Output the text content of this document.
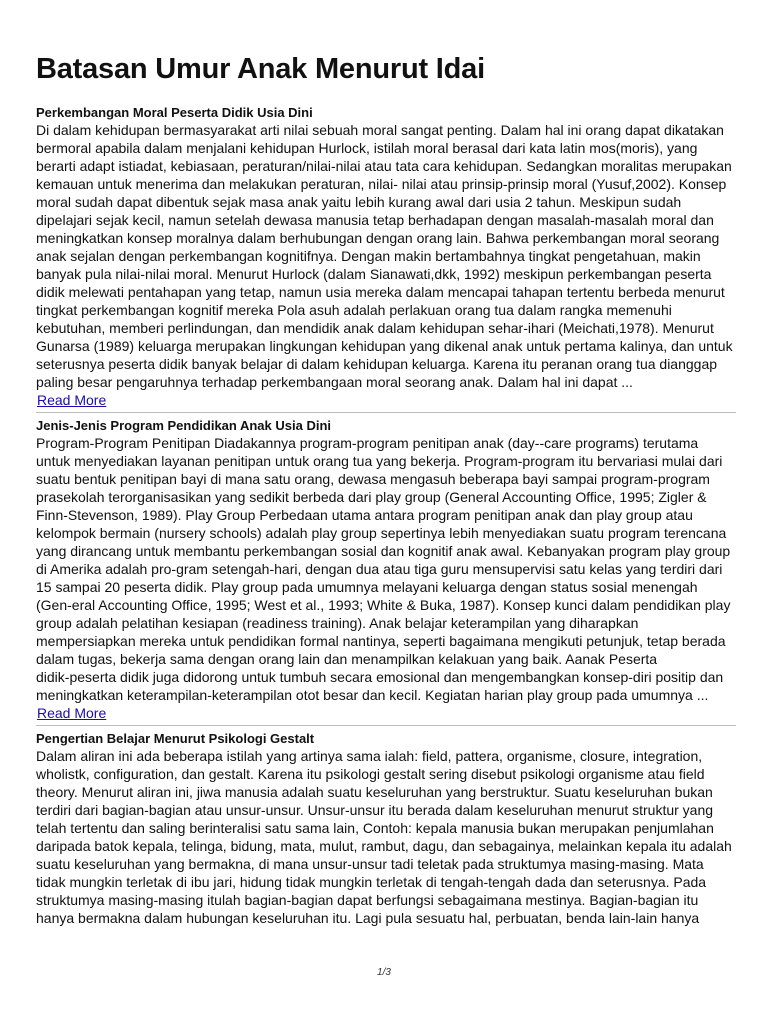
Batasan Umur Anak Menurut Idai
Perkembangan Moral Peserta Didik Usia Dini

Di dalam kehidupan bermasyarakat arti nilai sebuah moral sangat penting. Dalam hal ini orang dapat dikatakan
bermoral apabila dalam menjalani kehidupan Hurlock, istilah moral berasal dari kata latin mos(moris), yang
berarti adapt istiadat, kebiasaan, peraturan/nilai-nilai atau tata cara kehidupan. Sedangkan moralitas merupakan
kemauan untuk menerima dan melakukan peraturan, nilai- nilai atau prinsip-prinsip moral (Yusuf,2002). Konsep
moral sudah dapat dibentuk sejak masa anak yaitu lebih kurang awal dari usia 2 tahun. Meskipun sudah
dipelajari sejak kecil, namun setelah dewasa manusia tetap berhadapan dengan masalah-masalah moral dan
meningkatkan konsep moralnya dalam berhubungan dengan orang lain. Bahwa perkembangan moral seorang
anak sejalan dengan perkembangan kognitifnya. Dengan makin bertambahnya tingkat pengetahuan, makin
banyak pula nilai-nilai moral. Menurut Hurlock (dalam Sianawati,dkk, 1992) meskipun perkembangan peserta
didik melewati pentahapan yang tetap, namun usia mereka dalam mencapai tahapan tertentu berbeda menurut
tingkat perkembangan kognitif mereka Pola asuh adalah perlakuan orang tua dalam rangka memenuhi
kebutuhan, memberi perlindungan, dan mendidik anak dalam kehidupan sehar-ihari (Meichati,1978). Menurut
Gunarsa (1989) keluarga merupakan lingkungan kehidupan yang dikenal anak untuk pertama kalinya, dan untuk
seterusnya peserta didik banyak belajar di dalam kehidupan keluarga. Karena itu peranan orang tua dianggap
paling besar pengaruhnya terhadap perkembangaan moral seorang anak. Dalam hal ini dapat ...

Read More
Jenis-Jenis Program Pendidikan Anak Usia Dini

Program-Program Penitipan Diadakannya program-program penitipan anak (day--care programs) terutama
untuk menyediakan layanan penitipan untuk orang tua yang bekerja. Program-program itu bervariasi mulai dari
suatu bentuk penitipan bayi di mana satu orang, dewasa mengasuh beberapa bayi sampai program-program
prasekolah terorganisasikan yang sedikit berbeda dari play group (General Accounting Office, 1995; Zigler &
Finn-Stevenson, 1989). Play Group Perbedaan utama antara program penitipan anak dan play group atau
kelompok bermain (nursery schools) adalah play group sepertinya lebih menyediakan suatu program terencana
yang dirancang untuk membantu perkembangan sosial dan kognitif anak awal. Kebanyakan program play group
di Amerika adalah pro-gram setengah-hari, dengan dua atau tiga guru mensupervisi satu kelas yang terdiri dari
15 sampai 20 peserta didik. Play group pada umumnya melayani keluarga dengan status sosial menengah
(Gen-eral Accounting Office, 1995; West et al., 1993; White & Buka, 1987). Konsep kunci dalam pendidikan play
group adalah pelatihan kesiapan (readiness training). Anak belajar keterampilan yang diharapkan
mempersiapkan mereka untuk pendidikan formal nantinya, seperti bagaimana mengikuti petunjuk, tetap berada
dalam tugas, bekerja sama dengan orang lain dan menampilkan kelakuan yang baik. Aanak Peserta
didik-peserta didik juga didorong untuk tumbuh secara emosional dan mengembangkan konsep-diri positip dan
meningkatkan keterampilan-keterampilan otot besar dan kecil. Kegiatan harian play group pada umumnya ...

Read More
Pengertian Belajar Menurut Psikologi Gestalt

Dalam aliran ini ada beberapa istilah yang artinya sama ialah: field, pattera, organisme, closure, integration,
wholistk, configuration, dan gestalt. Karena itu psikologi gestalt sering disebut psikologi organisme atau field
theory. Menurut aliran ini, jiwa manusia adalah suatu keseluruhan yang berstruktur. Suatu keseluruhan bukan
terdiri dari bagian-bagian atau unsur-unsur. Unsur-unsur itu berada dalam keseluruhan menurut struktur yang
telah tertentu dan saling berinteralisi satu sama lain, Contoh: kepala manusia bukan merupakan penjumlahan
daripada batok kepala, telinga, bidung, mata, mulut, rambut, dagu, dan sebagainya, melainkan kepala itu adalah
suatu keseluruhan yang bermakna, di mana unsur-unsur tadi teletak pada struktumya masing-masing. Mata
tidak mungkin terletak di ibu jari, hidung tidak mungkin terletak di tengah-tengah dada dan seterusnya. Pada
struktumya masing-masing itulah bagian-bagian dapat berfungsi sebagaimana mestinya. Bagian-bagian itu
hanya bermakna dalam hubungan keseluruhan itu. Lagi pula sesuatu hal, perbuatan, benda lain-lain hanya

1/3
